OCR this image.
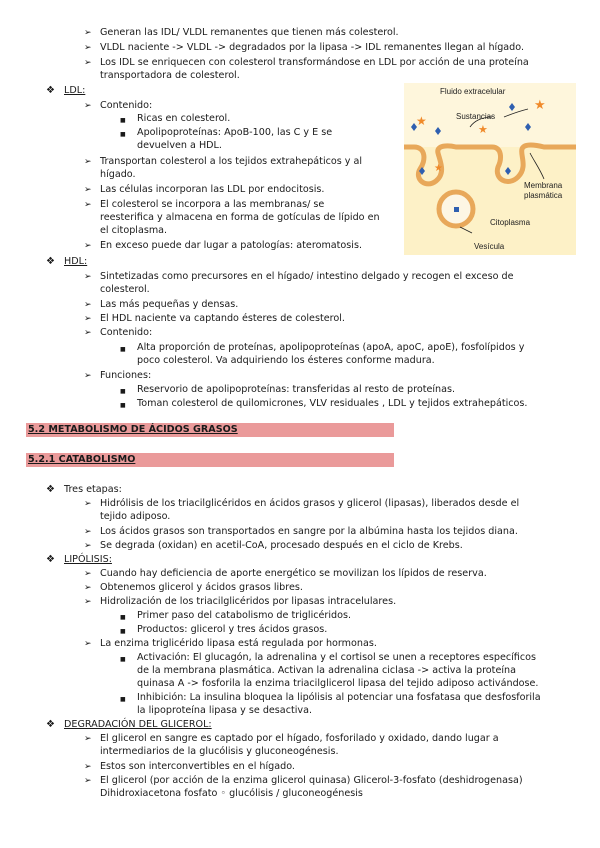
➢ Generan las IDL/ VLDL remanentes que tienen más colesterol.
➢ VLDL naciente -> VLDL -> degradados por la lipasa -> IDL remanentes llegan al hígado.
➢ Los IDL se enriquecen con colesterol transformándose en LDL por acción de una proteína
transportadora de colesterol.
❖ LDL:
➢ Contenido:
■ Ricas en colesterol.
■ Apolipoproteínas: ApoB-100, las C y E se
devuelven a HDL.
➢ Transportan colesterol a los tejidos extrahepáticos y al
hígado.
➢ Las células incorporan las LDL por endocitosis.
➢ El colesterol se incorpora a las membranas/ se
reesterifica y almacena en forma de gotículas de lípido en
el citoplasma.
➢ En exceso puede dar lugar a patologías: ateromatosis.
★
★
★
★
Fluido extracelular
Sustancias
Membrana
plasmática
Citoplasma
Vesícula
❖ HDL:
➢ Sintetizadas como precursores en el hígado/ intestino delgado y recogen el exceso de
colesterol.
➢ Las más pequeñas y densas.
➢ El HDL naciente va captando ésteres de colesterol.
➢ Contenido:
■ Alta proporción de proteínas, apolipoproteínas (apoA, apoC, apoE), fosfolípidos y
poco colesterol. Va adquiriendo los ésteres conforme madura.
➢ Funciones:
■ Reservorio de apolipoproteínas: transferidas al resto de proteínas.
■ Toman colesterol de quilomicrones, VLV residuales , LDL y tejidos extrahepáticos.
5.2 METABOLISMO DE ÁCIDOS GRASOS
5.2.1 CATABOLISMO
❖ Tres etapas:
➢ Hidrólisis de los triacilglicéridos en ácidos grasos y glicerol (lipasas), liberados desde el
tejido adiposo.
➢ Los ácidos grasos son transportados en sangre por la albúmina hasta los tejidos diana.
➢ Se degrada (oxidan) en acetil-CoA, procesado después en el ciclo de Krebs.
❖ LIPÓLISIS:
➢ Cuando hay deficiencia de aporte energético se movilizan los lípidos de reserva.
➢ Obtenemos glicerol y ácidos grasos libres.
➢ Hidrolización de los triacilglicéridos por lipasas intracelulares.
■ Primer paso del catabolismo de triglicéridos.
■ Productos: glicerol y tres ácidos grasos.
➢ La enzima triglicérido lipasa está regulada por hormonas.
■ Activación: El glucagón, la adrenalina y el cortisol se unen a receptores específicos
de la membrana plasmática. Activan la adrenalina ciclasa -> activa la proteína
quinasa A -> fosforila la enzima triacilglicerol lipasa del tejido adiposo activándose.
■ Inhibición: La insulina bloquea la lipólisis al potenciar una fosfatasa que desfosforila
la lipoproteína lipasa y se desactiva.
❖ DEGRADACIÓN DEL GLICEROL:
➢ El glicerol en sangre es captado por el hígado, fosforilado y oxidado, dando lugar a
intermediarios de la glucólisis y gluconeogénesis.
➢ Estos son interconvertibles en el hígado.
➢ El glicerol (por acción de la enzima glicerol quinasa) Glicerol-3-fosfato (deshidrogenasa)
Dihidroxiacetona fosfato ◦ glucólisis / gluconeogénesis
